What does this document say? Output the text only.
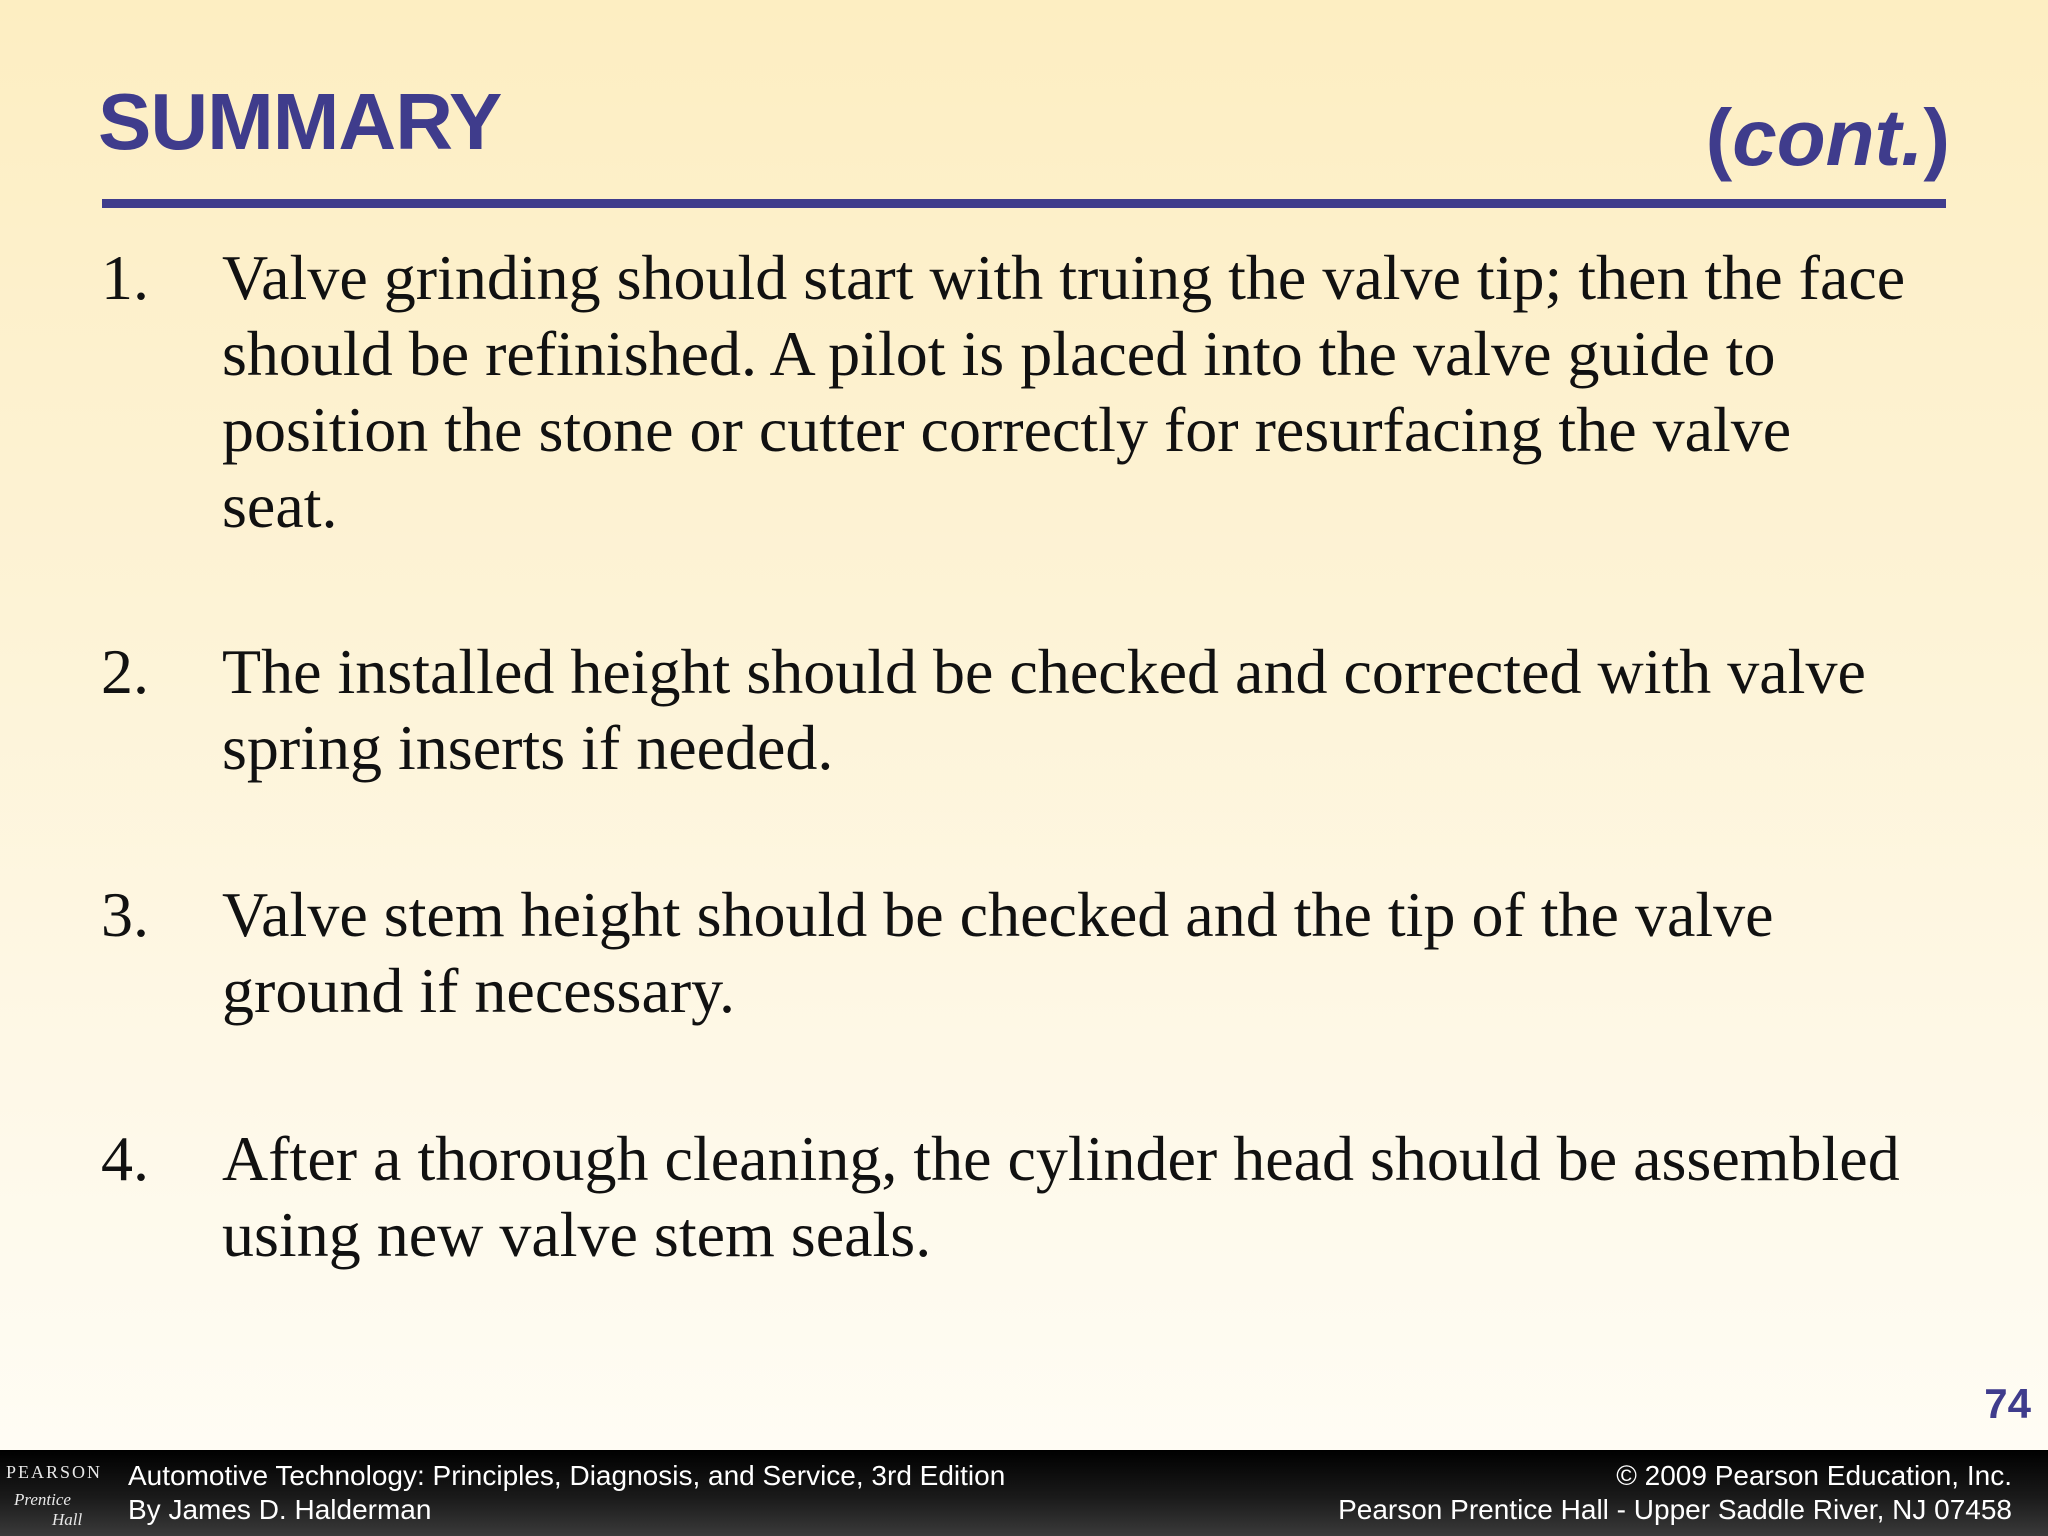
SUMMARY	(cont.)
1. Valve grinding should start with truing the valve tip; then the face should be refinished. A pilot is placed into the valve guide to position the stone or cutter correctly for resurfacing the valve seat.
2. The installed height should be checked and corrected with valve spring inserts if needed.
3. Valve stem height should be checked and the tip of the valve ground if necessary.
4. After a thorough cleaning, the cylinder head should be assembled using new valve stem seals.
74
PEARSON
Prentice
Hall
Automotive Technology: Principles, Diagnosis, and Service, 3rd Edition
By James D. Halderman
© 2009 Pearson Education, Inc.
Pearson Prentice Hall - Upper Saddle River, NJ 07458
